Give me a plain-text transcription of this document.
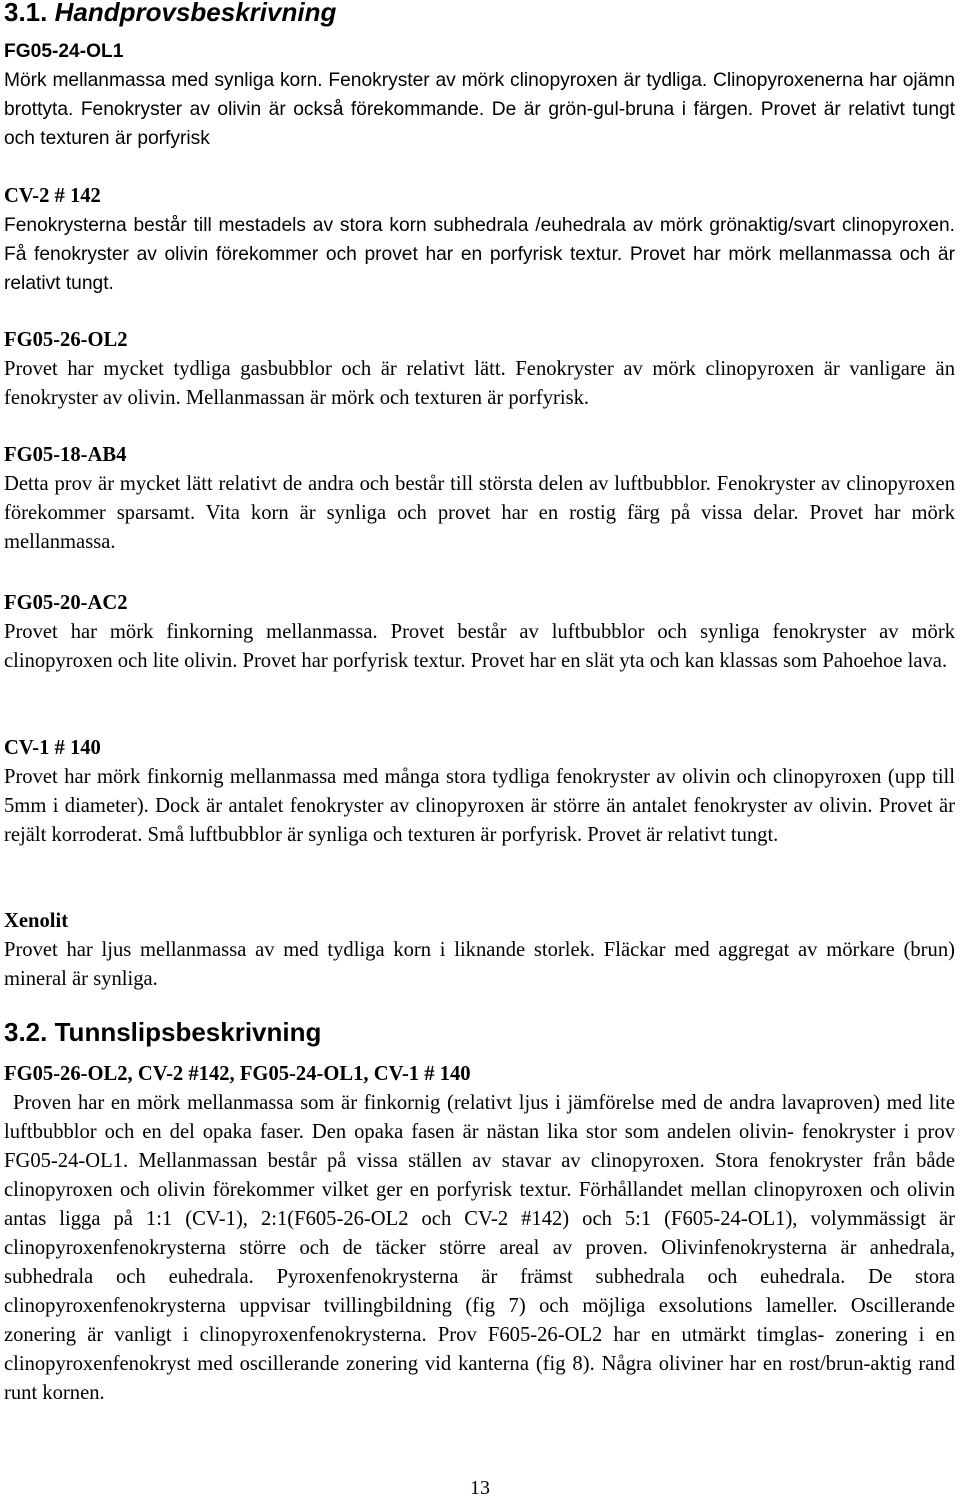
3.1. Handprovsbeskrivning
FG05-24-OL1

Mörk mellanmassa med synliga korn. Fenokryster av mörk clinopyroxen är tydliga. Clinopyroxenerna har ojämn brottyta. Fenokryster av olivin är också förekommande. De är grön-gul-bruna i färgen. Provet är relativt tungt och texturen är porfyrisk

CV-2 # 142

Fenokrysterna består till mestadels av stora korn subhedrala /euhedrala av mörk grönaktig/svart clinopyroxen. Få fenokryster av olivin förekommer och provet har en porfyrisk textur. Provet har mörk mellanmassa och är relativt tungt.

FG05-26-OL2

Provet har mycket tydliga gasbubblor och är relativt lätt. Fenokryster av mörk clinopyroxen är vanligare än fenokryster av olivin. Mellanmassan är mörk och texturen är porfyrisk.

FG05-18-AB4

Detta prov är mycket lätt relativt de andra och består till största delen av luftbubblor. Fenokryster av clinopyroxen förekommer sparsamt. Vita korn är synliga och provet har en rostig färg på vissa delar. Provet har mörk mellanmassa.

FG05-20-AC2

Provet har mörk finkorning mellanmassa. Provet består av luftbubblor och synliga fenokryster av mörk clinopyroxen och lite olivin. Provet har porfyrisk textur. Provet har en slät yta och kan klassas som Pahoehoe lava.

CV-1 # 140

Provet har mörk finkornig mellanmassa med många stora tydliga fenokryster av olivin och clinopyroxen (upp till 5mm i diameter). Dock är antalet fenokryster av clinopyroxen är större än antalet fenokryster av olivin. Provet är rejält korroderat. Små luftbubblor är synliga och texturen är porfyrisk. Provet är relativt tungt.

Xenolit

Provet har ljus mellanmassa av med tydliga korn i liknande storlek. Fläckar med aggregat av mörkare (brun) mineral är synliga.

3.2. Tunnslipsbeskrivning
FG05-26-OL2, CV-2 #142, FG05-24-OL1, CV-1 # 140

Proven har en mörk mellanmassa som är finkornig (relativt ljus i jämförelse med de andra lavaproven) med lite luftbubblor och en del opaka faser. Den opaka fasen är nästan lika stor som andelen olivin- fenokryster i prov FG05-24-OL1. Mellanmassan består på vissa ställen av stavar av clinopyroxen. Stora fenokryster från både clinopyroxen och olivin förekommer vilket ger en porfyrisk textur. Förhållandet mellan clinopyroxen och olivin antas ligga på 1:1 (CV-1), 2:1(F605-26-OL2 och CV-2 #142) och 5:1 (F605-24-OL1), volymmässigt är clinopyroxenfenokrysterna större och de täcker större areal av proven. Olivinfenokrysterna är anhedrala, subhedrala och euhedrala. Pyroxenfenokrysterna är främst subhedrala och euhedrala. De stora clinopyroxenfenokrysterna uppvisar tvillingbildning (fig 7) och möjliga exsolutions lameller. Oscillerande zonering är vanligt i clinopyroxenfenokrysterna. Prov F605-26-OL2 har en utmärkt timglas- zonering i en clinopyroxenfenokryst med oscillerande zonering vid kanterna (fig 8). Några oliviner har en rost/brun-aktig rand runt kornen.

13
